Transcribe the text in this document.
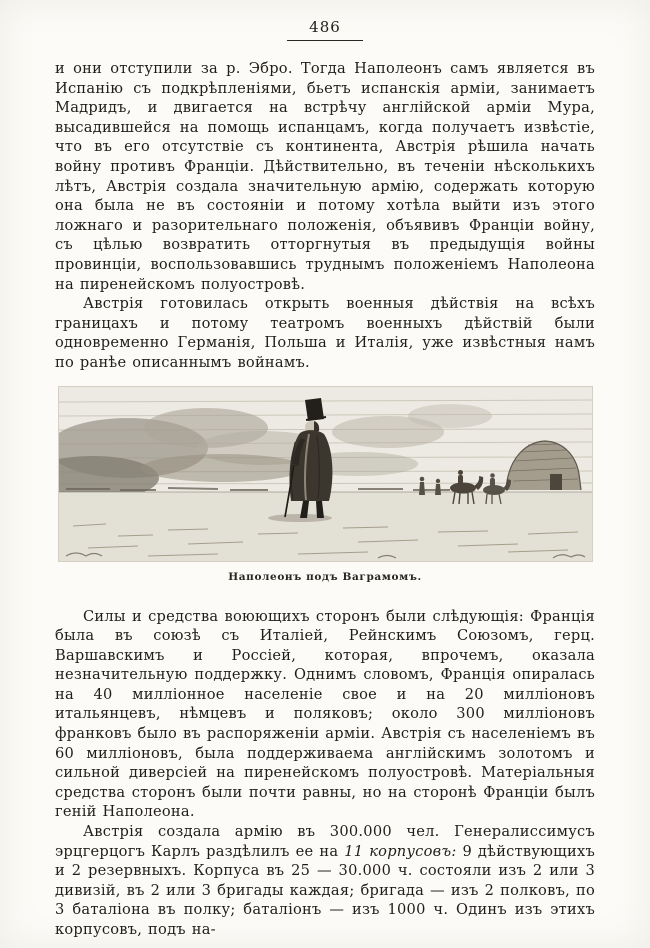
486

и они отступили за р. Эбро. Тогда Наполеонъ самъ является въ Испанію съ подкрѣпленіями, бьетъ испанскія арміи, занимаетъ Мадридъ, и двигается на встрѣчу англійской арміи Мура, высадившейся на помощь испанцамъ, когда получаетъ извѣстіе, что въ его отсутствіе съ континента, Австрія рѣшила начать войну противъ Франціи. Дѣйствительно, въ теченіи нѣсколькихъ лѣтъ, Австрія создала значительную армію, содержать которую она была не въ состояніи и потому хотѣла выйти изъ этого ложнаго и разорительнаго положенія, объявивъ Франціи войну, съ цѣлью возвратить отторгнутыя въ предыдущія войны провинціи, воспользовавшись труднымъ положеніемъ Наполеона на пиренейскомъ полуостровѣ.

Австрія готовилась открыть военныя дѣйствія на всѣхъ границахъ и потому театромъ военныхъ дѣйствій были одновременно Германія, Польша и Италія, уже извѣстныя намъ по ранѣе описаннымъ войнамъ.

Наполеонъ подъ Ваграмомъ.

Силы и средства воюющихъ сторонъ были слѣдующія: Франція была въ союзѣ съ Италіей, Рейнскимъ Союзомъ, герц. Варшавскимъ и Россіей, которая, впрочемъ, оказала незначительную поддержку. Однимъ словомъ, Франція опиралась на 40 милліонное населеніе свое и на 20 милліоновъ итальянцевъ, нѣмцевъ и поляковъ; около 300 милліоновъ франковъ было въ распоряженіи арміи. Австрія съ населеніемъ въ 60 милліоновъ, была поддерживаема англійскимъ золотомъ и сильной диверсіей на пиренейскомъ полуостровѣ. Матеріальныя средства сторонъ были почти равны, но на сторонѣ Франціи былъ геній Наполеона.

Австрія создала армію въ 300.000 чел. Генералиссимусъ эрцгерцогъ Карлъ раздѣлилъ ее на 11 корпусовъ: 9 дѣйствующихъ и 2 резервныхъ. Корпуса въ 25 — 30.000 ч. состояли изъ 2 или 3 дивизій, въ 2 или 3 бригады каждая; бригада — изъ 2 полковъ, по 3 баталіона въ полку; баталіонъ — изъ 1000 ч. Одинъ изъ этихъ корпусовъ, подъ на-
